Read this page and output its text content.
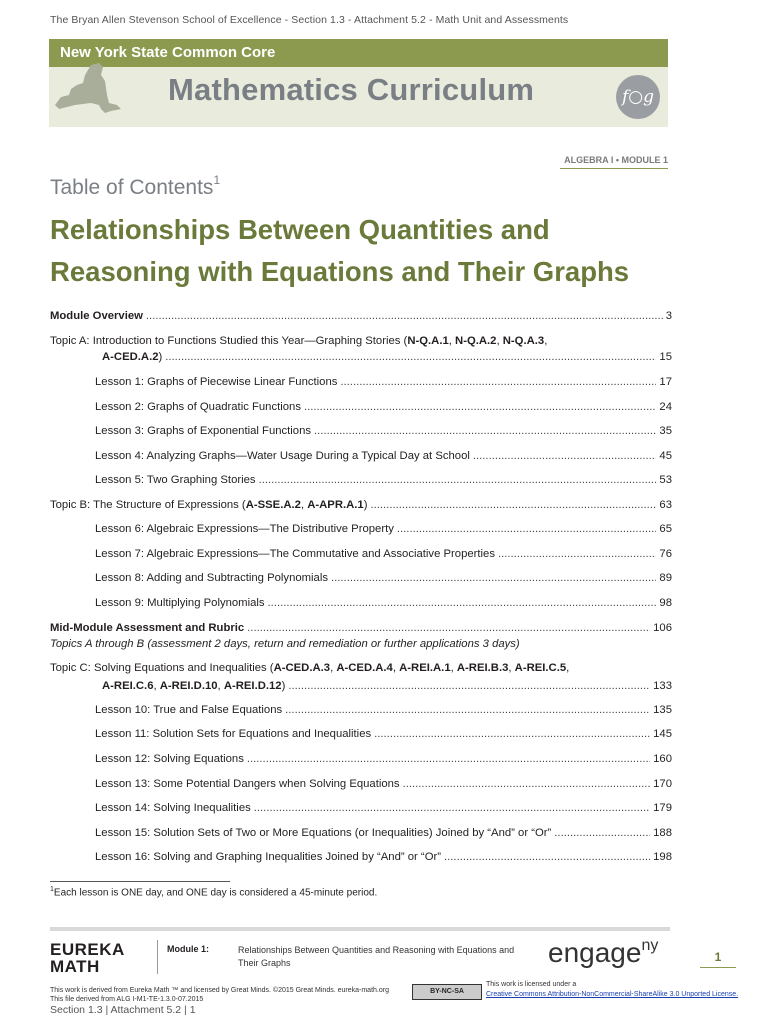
The Bryan Allen Stevenson School of Excellence - Section 1.3 - Attachment 5.2 - Math Unit and Assessments
New York State Common Core
Mathematics Curriculum	f○g
ALGEBRA I • MODULE 1
Table of Contents$^1$
Relationships Between Quantities and
Reasoning with Equations and Their Graphs
Module Overview .....	3
Topic A: Introduction to Functions Studied this Year—Graphing Stories (N-Q.A.1, N-Q.A.2, N-Q.A.3,
A-CED.A.2) .....	15
Lesson 1: Graphs of Piecewise Linear Functions .....	17
Lesson 2: Graphs of Quadratic Functions .....	24
Lesson 3: Graphs of Exponential Functions .....	35
Lesson 4: Analyzing Graphs—Water Usage During a Typical Day at School .....	45
Lesson 5: Two Graphing Stories .....	53
Topic B: The Structure of Expressions (A-SSE.A.2, A-APR.A.1) .....	63
Lesson 6: Algebraic Expressions—The Distributive Property .....	65
Lesson 7: Algebraic Expressions—The Commutative and Associative Properties .....	76
Lesson 8: Adding and Subtracting Polynomials .....	89
Lesson 9: Multiplying Polynomials .....	98
Mid-Module Assessment and Rubric .....	106
Topics A through B (assessment 2 days, return and remediation or further applications 3 days)
Topic C: Solving Equations and Inequalities (A-CED.A.3, A-CED.A.4, A-REI.A.1, A-REI.B.3, A-REI.C.5,
A-REI.C.6, A-REI.D.10, A-REI.D.12) .....	133
Lesson 10: True and False Equations .....	135
Lesson 11: Solution Sets for Equations and Inequalities .....	145
Lesson 12: Solving Equations .....	160
Lesson 13: Some Potential Dangers when Solving Equations .....	170
Lesson 14: Solving Inequalities .....	179
Lesson 15: Solution Sets of Two or More Equations (or Inequalities) Joined by “And” or “Or” .....	188
Lesson 16: Solving and Graphing Inequalities Joined by “And” or “Or” .....	198
$^1$Each lesson is ONE day, and ONE day is considered a 45-minute period.
EUREKA
MATH
Module 1:	Relationships Between Quantities and Reasoning with Equations and Their Graphs	engage$^{ny}$
1
This work is derived from Eureka Math ™ and licensed by Great Minds. ©2015 Great Minds. eureka-math.org
This file derived from ALG I-M1-TE-1.3.0-07.2015
BY-NC-SA
This work is licensed under a
Creative Commons Attribution-NonCommercial-ShareAlike 3.0 Unported License.
Section 1.3 | Attachment 5.2 | 1
